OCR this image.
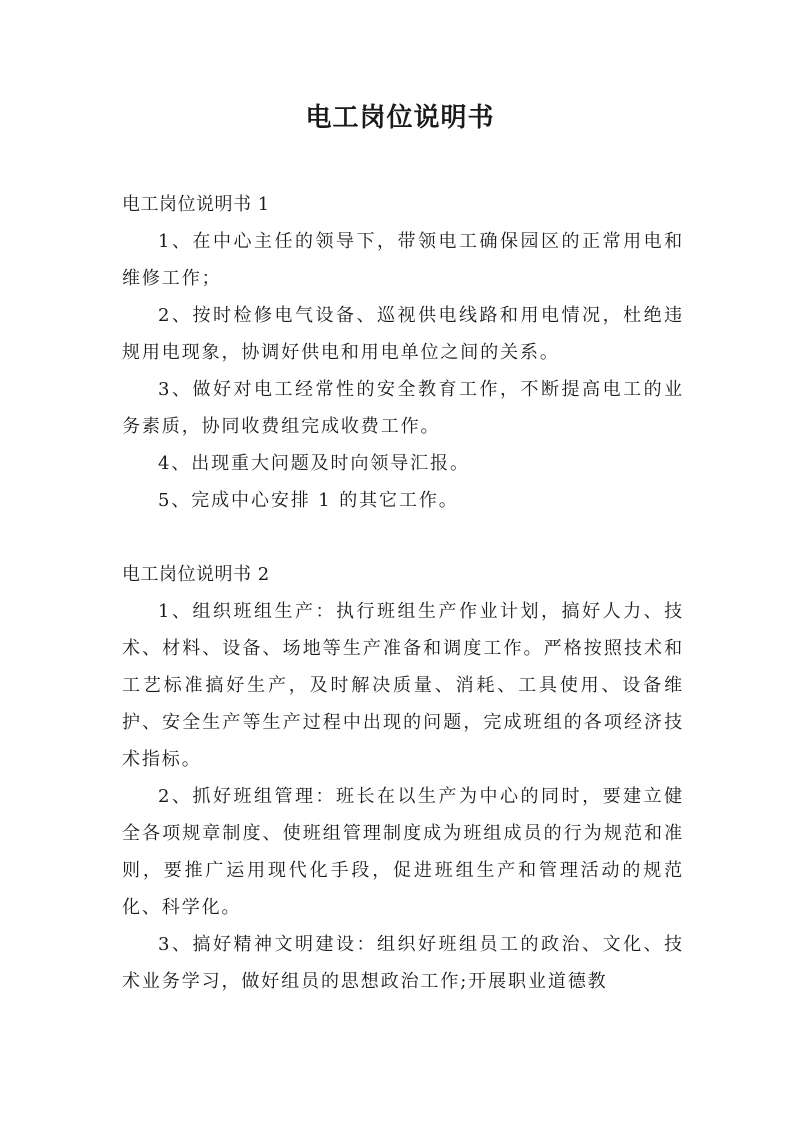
电工岗位说明书

电工岗位说明书 1

1、在中心主任的领导下，带领电工确保园区的正常用电和维修工作；

2、按时检修电气设备、巡视供电线路和用电情况，杜绝违规用电现象，协调好供电和用电单位之间的关系。

3、做好对电工经常性的安全教育工作，不断提高电工的业务素质，协同收费组完成收费工作。

4、出现重大问题及时向领导汇报。

5、完成中心安排 1 的其它工作。

电工岗位说明书 2

1、组织班组生产：执行班组生产作业计划，搞好人力、技术、材料、设备、场地等生产准备和调度工作。严格按照技术和工艺标准搞好生产，及时解决质量、消耗、工具使用、设备维护、安全生产等生产过程中出现的问题，完成班组的各项经济技术指标。

2、抓好班组管理：班长在以生产为中心的同时，要建立健全各项规章制度、使班组管理制度成为班组成员的行为规范和准则，要推广运用现代化手段，促进班组生产和管理活动的规范化、科学化。

3、搞好精神文明建设：组织好班组员工的政治、文化、技术业务学习，做好组员的思想政治工作;开展职业道德教
